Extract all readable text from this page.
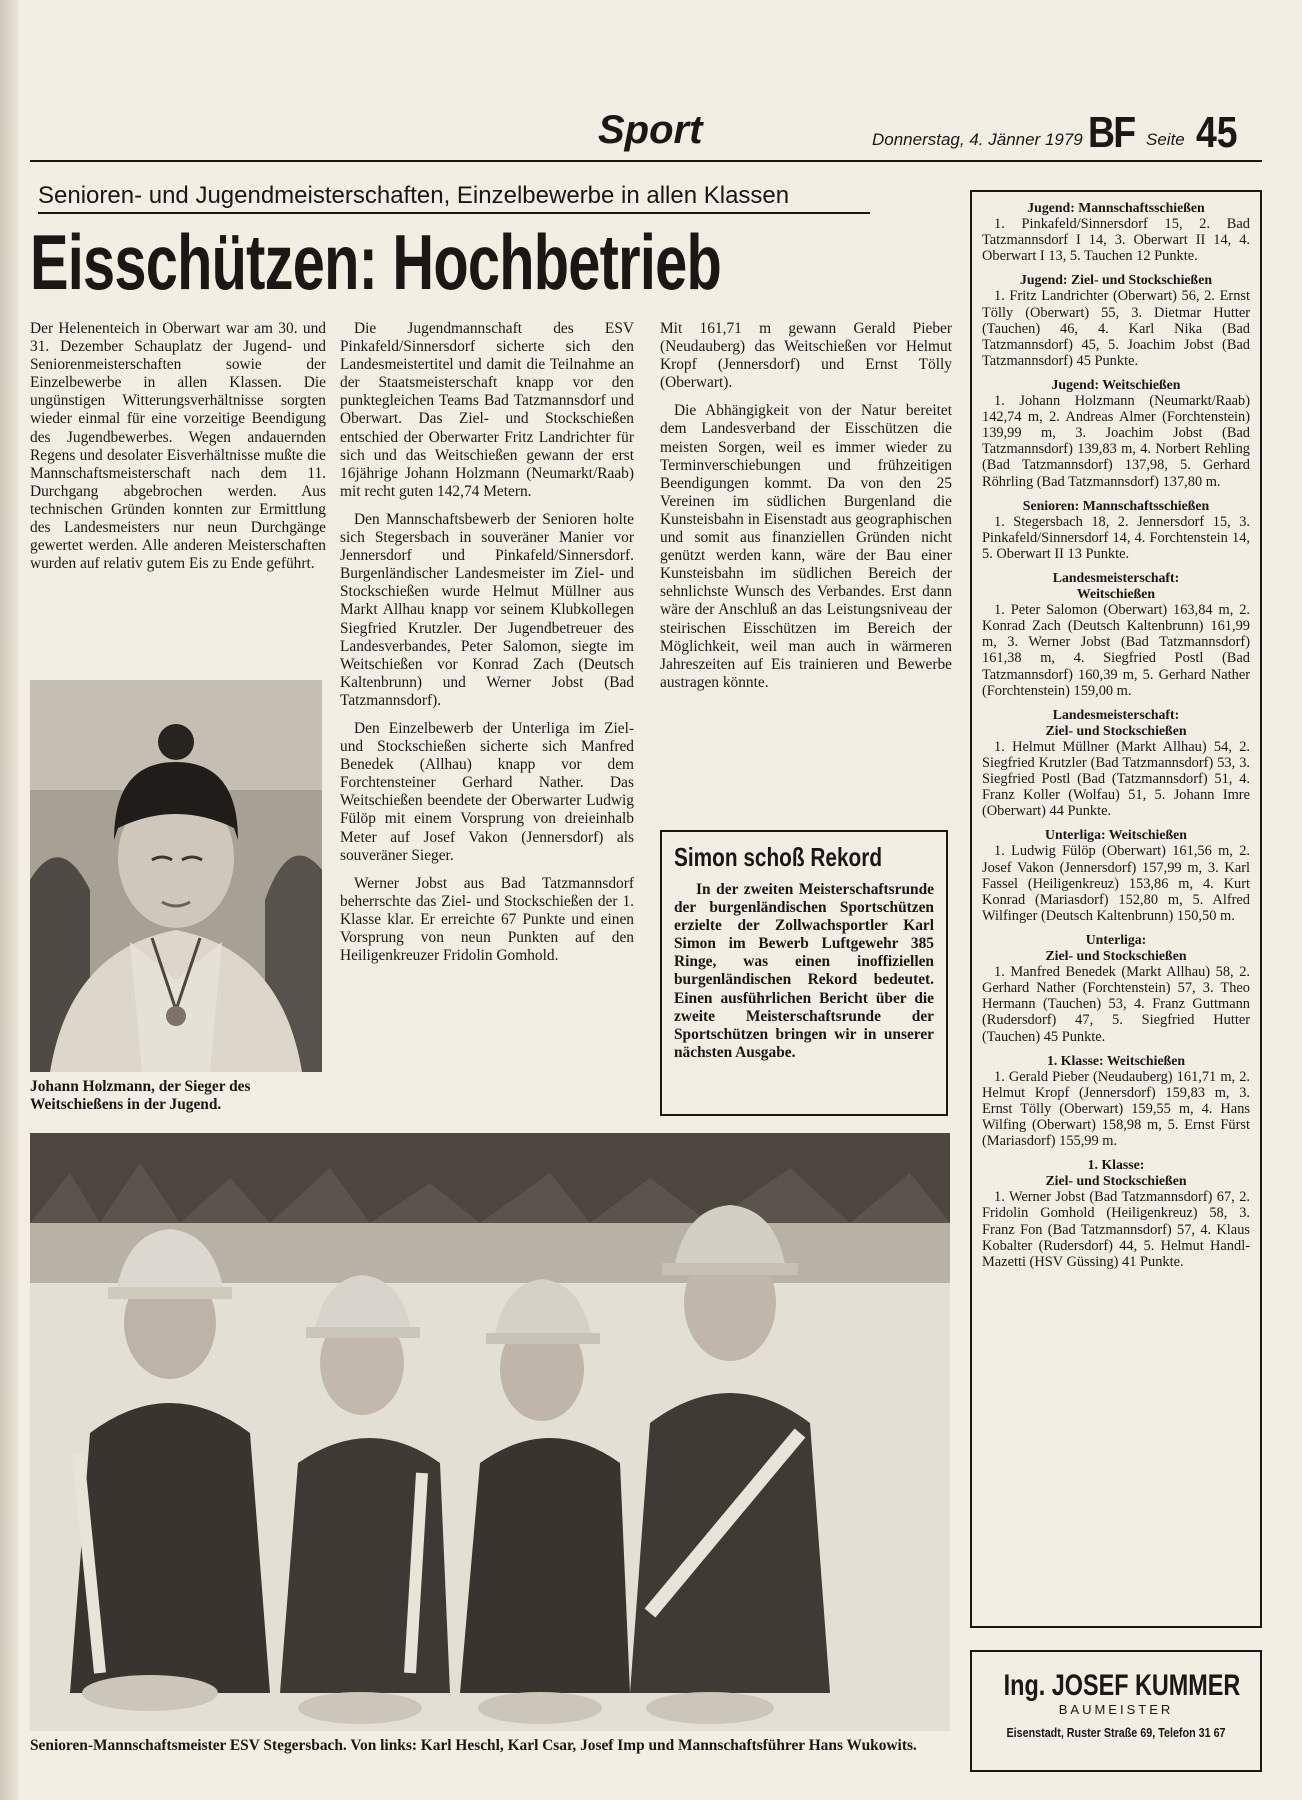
Sport	Donnerstag, 4. Jänner 1979 BF Seite 45
Senioren- und Jugendmeisterschaften, Einzelbewerbe in allen Klassen
Eisschützen: Hochbetrieb

Der Helenenteich in Oberwart war am 30. und 31. Dezember Schauplatz der Jugend- und Seniorenmeisterschaften sowie der Einzelbewerbe in allen Klassen. Die ungünstigen Witterungsverhältnisse sorgten wieder einmal für eine vorzeitige Beendigung des Jugendbewerbes. Wegen andauernden Regens und desolater Eisverhältnisse mußte die Mannschaftsmeisterschaft nach dem 11. Durchgang abgebrochen werden. Aus technischen Gründen konnten zur Ermittlung des Landesmeisters nur neun Durchgänge gewertet werden. Alle anderen Meisterschaften wurden auf relativ gutem Eis zu Ende geführt.

Johann Holzmann, der Sieger des Weitschießens in der Jugend.

Die Jugendmannschaft des ESV Pinkafeld/Sinnersdorf sicherte sich den Landesmeistertitel und damit die Teilnahme an der Staatsmeisterschaft knapp vor den punktegleichen Teams Bad Tatzmannsdorf und Oberwart. Das Ziel- und Stockschießen entschied der Oberwarter Fritz Landrichter für sich und das Weitschießen gewann der erst 16jährige Johann Holzmann (Neumarkt/Raab) mit recht guten 142,74 Metern.

Den Mannschaftsbewerb der Senioren holte sich Stegersbach in souveräner Manier vor Jennersdorf und Pinkafeld/Sinnersdorf. Burgenländischer Landesmeister im Ziel- und Stockschießen wurde Helmut Müllner aus Markt Allhau knapp vor seinem Klubkollegen Siegfried Krutzler. Der Jugendbetreuer des Landesverbandes, Peter Salomon, siegte im Weitschießen vor Konrad Zach (Deutsch Kaltenbrunn) und Werner Jobst (Bad Tatzmannsdorf).

Den Einzelbewerb der Unterliga im Ziel- und Stockschießen sicherte sich Manfred Benedek (Allhau) knapp vor dem Forchtensteiner Gerhard Nather. Das Weitschießen beendete der Oberwarter Ludwig Fülöp mit einem Vorsprung von dreieinhalb Meter auf Josef Vakon (Jennersdorf) als souveräner Sieger.

Werner Jobst aus Bad Tatzmannsdorf beherrschte das Ziel- und Stockschießen der 1. Klasse klar. Er erreichte 67 Punkte und einen Vorsprung von neun Punkten auf den Heiligenkreuzer Fridolin Gomhold.

Mit 161,71 m gewann Gerald Pieber (Neudauberg) das Weitschießen vor Helmut Kropf (Jennersdorf) und Ernst Tölly (Oberwart).

Die Abhängigkeit von der Natur bereitet dem Landesverband der Eisschützen die meisten Sorgen, weil es immer wieder zu Terminverschiebungen und frühzeitigen Beendigungen kommt. Da von den 25 Vereinen im südlichen Burgenland die Kunsteisbahn in Eisenstadt aus geographischen und somit aus finanziellen Gründen nicht genützt werden kann, wäre der Bau einer Kunsteisbahn im südlichen Bereich der sehnlichste Wunsch des Verbandes. Erst dann wäre der Anschluß an das Leistungsniveau der steirischen Eisschützen im Bereich der Möglichkeit, weil man auch in wärmeren Jahreszeiten auf Eis trainieren und Bewerbe austragen könnte.

Simon schoß Rekord

In der zweiten Meisterschaftsrunde der burgenländischen Sportschützen erzielte der Zollwachsportler Karl Simon im Bewerb Luftgewehr 385 Ringe, was einen inoffiziellen burgenländischen Rekord bedeutet. Einen ausführlichen Bericht über die zweite Meisterschaftsrunde der Sportschützen bringen wir in unserer nächsten Ausgabe.

Senioren-Mannschaftsmeister ESV Stegersbach. Von links: Karl Heschl, Karl Csar, Josef Imp und Mannschaftsführer Hans Wukowits.
Jugend: Mannschaftsschießen

1. Pinkafeld/Sinnersdorf 15, 2. Bad Tatzmannsdorf I 14, 3. Oberwart II 14, 4. Oberwart I 13, 5. Tauchen 12 Punkte.

Jugend: Ziel- und Stockschießen

1. Fritz Landrichter (Oberwart) 56, 2. Ernst Tölly (Oberwart) 55, 3. Dietmar Hutter (Tauchen) 46, 4. Karl Nika (Bad Tatzmannsdorf) 45, 5. Joachim Jobst (Bad Tatzmannsdorf) 45 Punkte.

Jugend: Weitschießen

1. Johann Holzmann (Neumarkt/Raab) 142,74 m, 2. Andreas Almer (Forchtenstein) 139,99 m, 3. Joachim Jobst (Bad Tatzmannsdorf) 139,83 m, 4. Norbert Rehling (Bad Tatzmannsdorf) 137,98, 5. Gerhard Röhrling (Bad Tatzmannsdorf) 137,80 m.

Senioren: Mannschaftsschießen

1. Stegersbach 18, 2. Jennersdorf 15, 3. Pinkafeld/Sinnersdorf 14, 4. Forchtenstein 14, 5. Oberwart II 13 Punkte.

Landesmeisterschaft:
Weitschießen

1. Peter Salomon (Oberwart) 163,84 m, 2. Konrad Zach (Deutsch Kaltenbrunn) 161,99 m, 3. Werner Jobst (Bad Tatzmannsdorf) 161,38 m, 4. Siegfried Postl (Bad Tatzmannsdorf) 160,39 m, 5. Gerhard Nather (Forchtenstein) 159,00 m.

Landesmeisterschaft:
Ziel- und Stockschießen

1. Helmut Müllner (Markt Allhau) 54, 2. Siegfried Krutzler (Bad Tatzmannsdorf) 53, 3. Siegfried Postl (Bad (Tatzmannsdorf) 51, 4. Franz Koller (Wolfau) 51, 5. Johann Imre (Oberwart) 44 Punkte.

Unterliga: Weitschießen

1. Ludwig Fülöp (Oberwart) 161,56 m, 2. Josef Vakon (Jennersdorf) 157,99 m, 3. Karl Fassel (Heiligenkreuz) 153,86 m, 4. Kurt Konrad (Mariasdorf) 152,80 m, 5. Alfred Wilfinger (Deutsch Kaltenbrunn) 150,50 m.

Unterliga:
Ziel- und Stockschießen

1. Manfred Benedek (Markt Allhau) 58, 2. Gerhard Nather (Forchtenstein) 57, 3. Theo Hermann (Tauchen) 53, 4. Franz Guttmann (Rudersdorf) 47, 5. Siegfried Hutter (Tauchen) 45 Punkte.

1. Klasse: Weitschießen

1. Gerald Pieber (Neudauberg) 161,71 m, 2. Helmut Kropf (Jennersdorf) 159,83 m, 3. Ernst Tölly (Oberwart) 159,55 m, 4. Hans Wilfing (Oberwart) 158,98 m, 5. Ernst Fürst (Mariasdorf) 155,99 m.

1. Klasse:
Ziel- und Stockschießen

1. Werner Jobst (Bad Tatzmannsdorf) 67, 2. Fridolin Gomhold (Heiligenkreuz) 58, 3. Franz Fon (Bad Tatzmannsdorf) 57, 4. Klaus Kobalter (Rudersdorf) 44, 5. Helmut Handl-Mazetti (HSV Güssing) 41 Punkte.

Ing. JOSEF KUMMER
BAUMEISTER
Eisenstadt, Ruster Straße 69, Telefon 31 67
